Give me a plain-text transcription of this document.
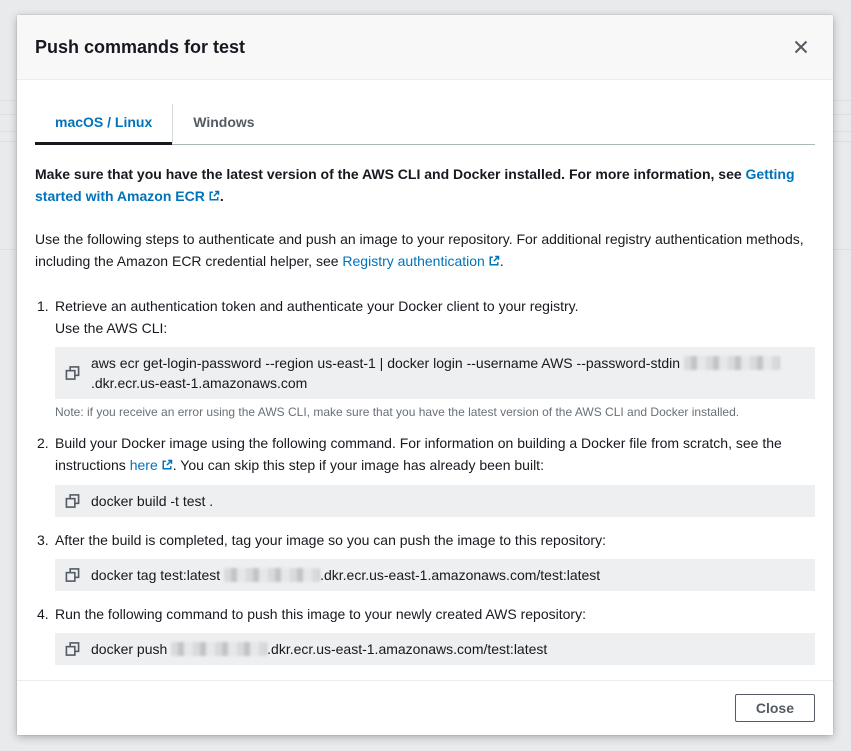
Push commands for test
macOS / Linux	Windows
Make sure that you have the latest version of the AWS CLI and Docker installed. For more information, see Getting started with Amazon ECR .
Use the following steps to authenticate and push an image to your repository. For additional registry authentication methods, including the Amazon ECR credential helper, see Registry authentication .
1. Retrieve an authentication token and authenticate your Docker client to your registry.
Use the AWS CLI:
aws ecr get-login-password --region us-east-1 | docker login --username AWS --password-stdin .dkr.ecr.us-east-1.amazonaws.com
Note: if you receive an error using the AWS CLI, make sure that you have the latest version of the AWS CLI and Docker installed.
2. Build your Docker image using the following command. For information on building a Docker file from scratch, see the instructions here . You can skip this step if your image has already been built:
docker build -t test .
3. After the build is completed, tag your image so you can push the image to this repository:
docker tag test:latest	.dkr.ecr.us-east-1.amazonaws.com/test:latest
4. Run the following command to push this image to your newly created AWS repository:
docker push	.dkr.ecr.us-east-1.amazonaws.com/test:latest
Close
